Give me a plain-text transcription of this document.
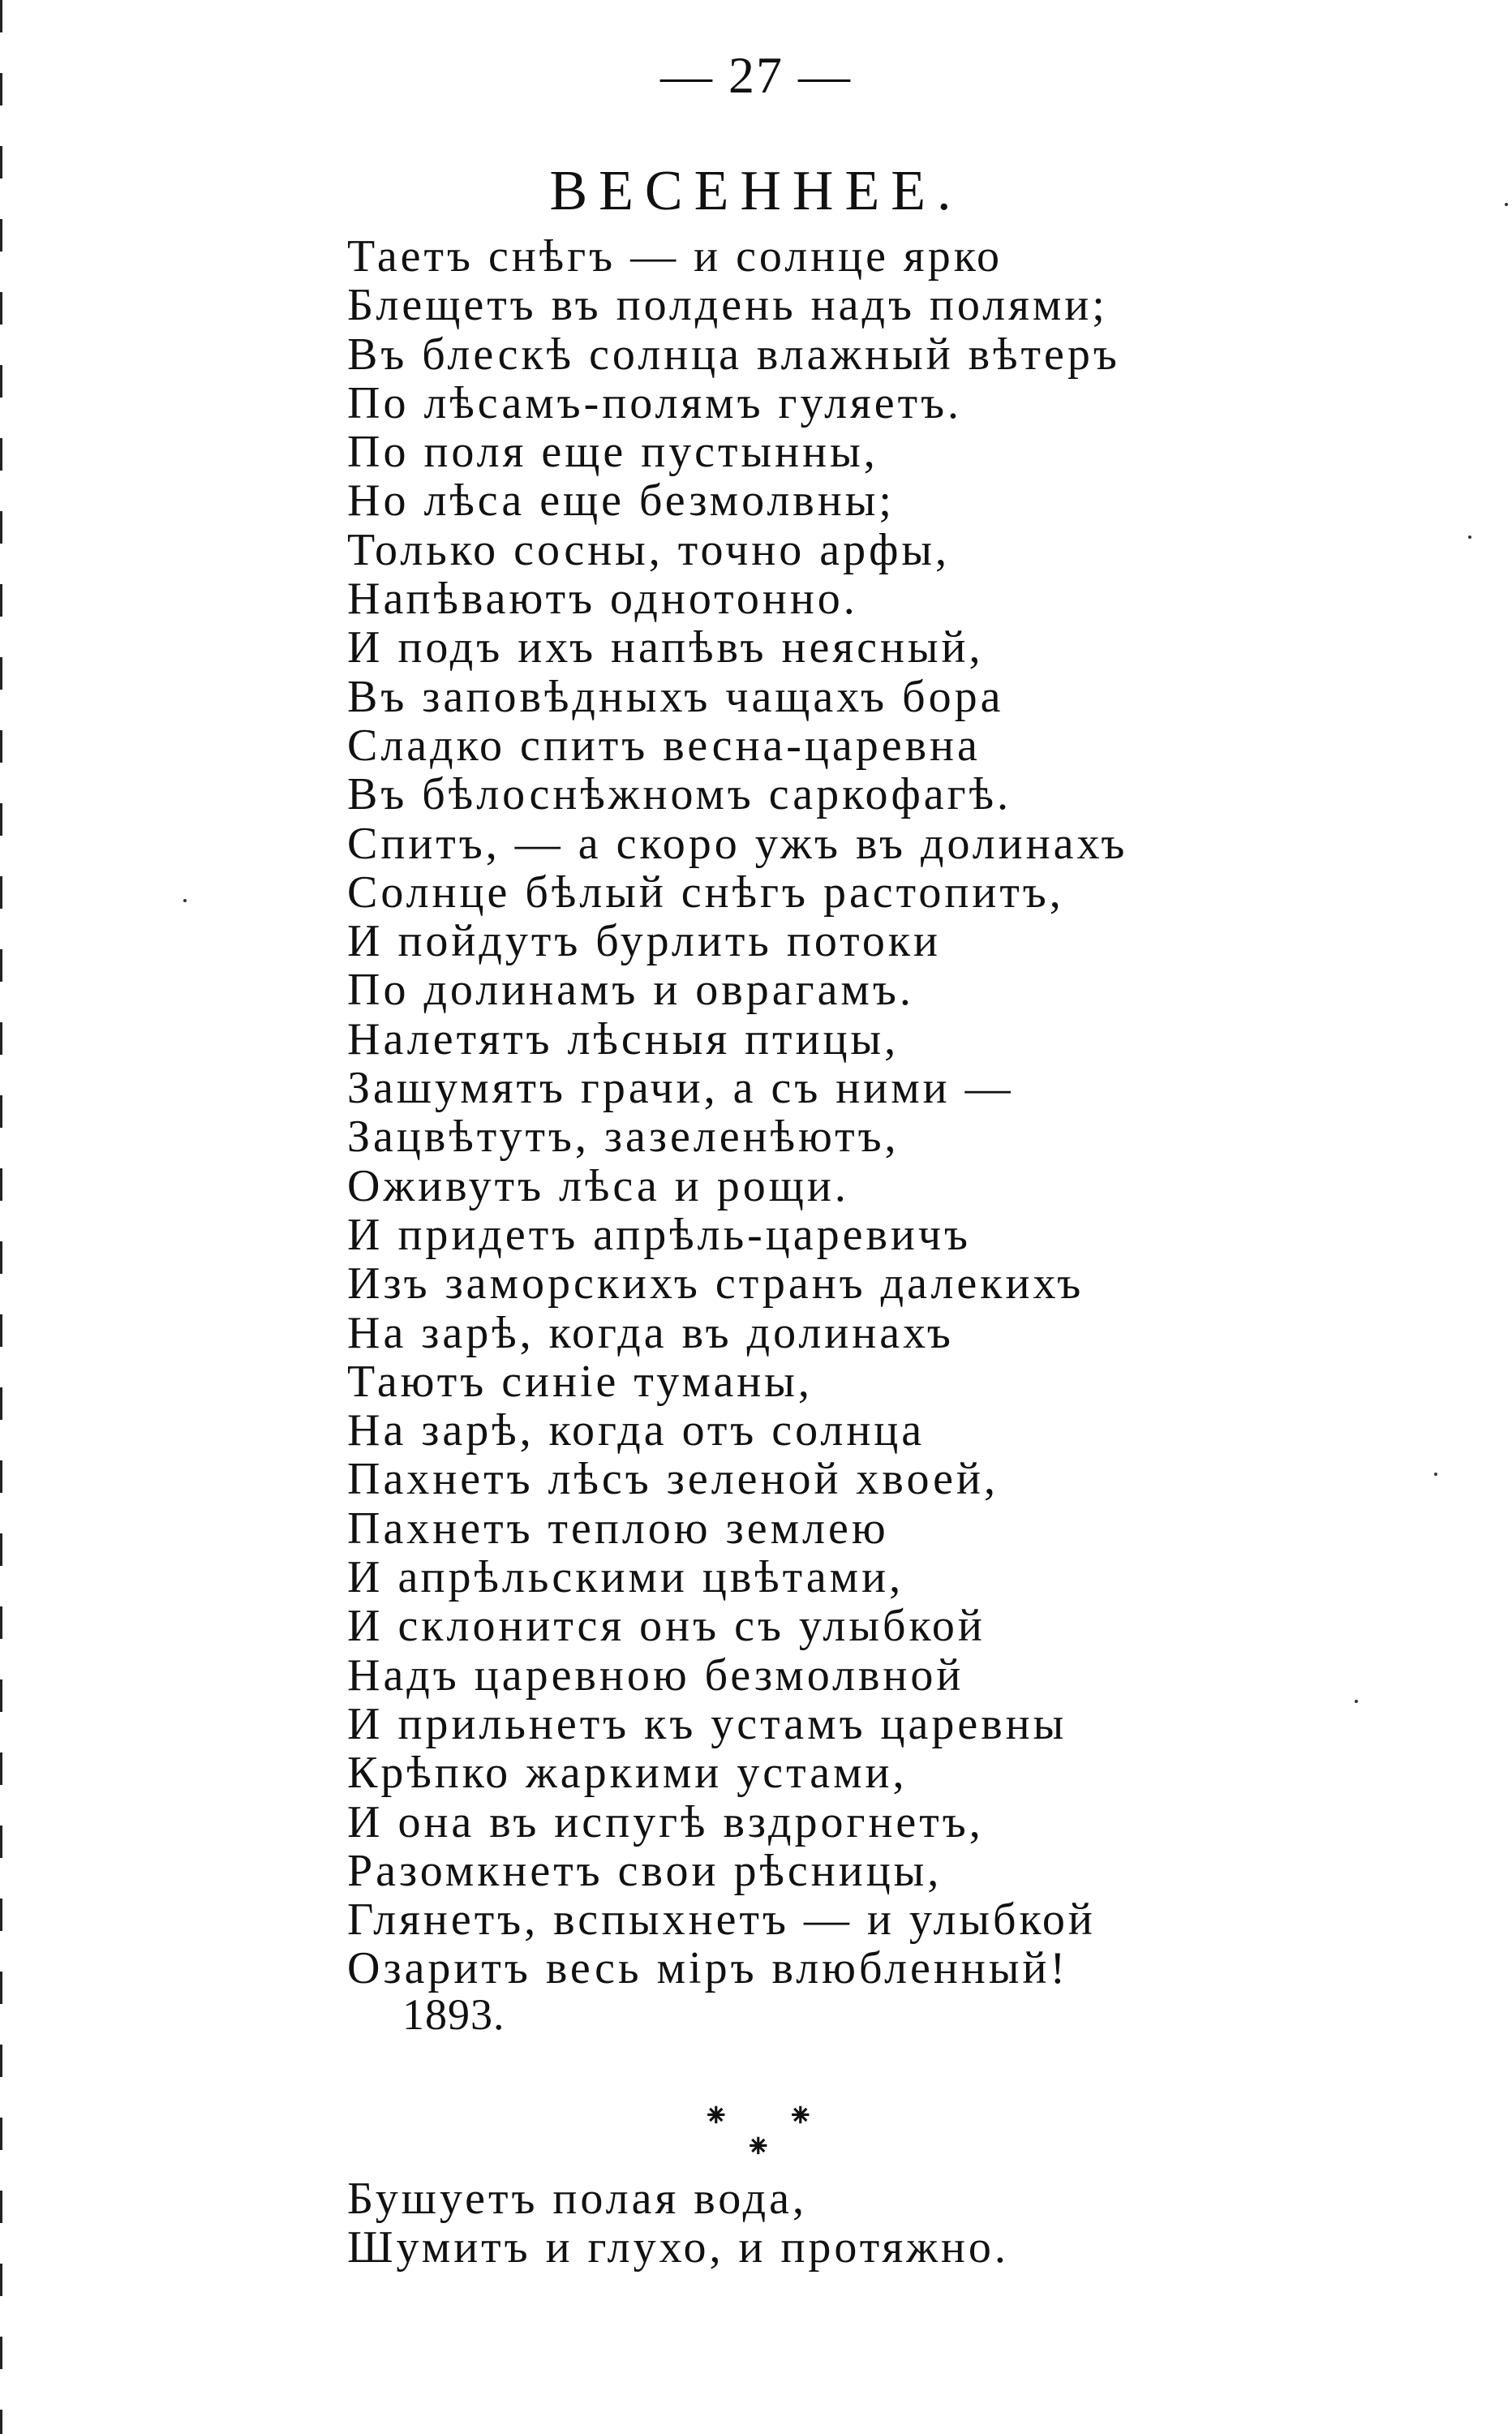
— 27 —
ВЕСЕННЕЕ.
Таетъ снѣгъ — и солнце ярко
Блещетъ въ полдень надъ полями;
Въ блескѣ солнца влажный вѣтеръ
По лѣсамъ-полямъ гуляетъ.
По поля еще пустынны,
Но лѣса еще безмолвны;
Только сосны, точно арфы,
Напѣваютъ однотонно.
И подъ ихъ напѣвъ неясный,
Въ заповѣдныхъ чащахъ бора
Сладко спитъ весна-царевна
Въ бѣлоснѣжномъ саркофагѣ.
Спитъ, — а скоро ужъ въ долинахъ
Солнце бѣлый снѣгъ растопитъ,
И пойдутъ бурлить потоки
По долинамъ и оврагамъ.
Налетятъ лѣсныя птицы,
Зашумятъ грачи, а съ ними —
Зацвѣтутъ, зазеленѣютъ,
Оживутъ лѣса и рощи.
И придетъ апрѣль-царевичъ
Изъ заморскихъ странъ далекихъ
На зарѣ, когда въ долинахъ
Таютъ синіе туманы,
На зарѣ, когда отъ солнца
Пахнетъ лѣсъ зеленой хвоей,
Пахнетъ теплою землею
И апрѣльскими цвѣтами,
И склонится онъ съ улыбкой
Надъ царевною безмолвной
И прильнетъ къ устамъ царевны
Крѣпко жаркими устами,
И она въ испугѣ вздрогнетъ,
Разомкнетъ свои рѣсницы,
Глянетъ, вспыхнетъ — и улыбкой
Озаритъ весь міръ влюбленный!
1893.
⁕ ⁕
⁕
Бушуетъ полая вода,
Шумитъ и глухо, и протяжно.
